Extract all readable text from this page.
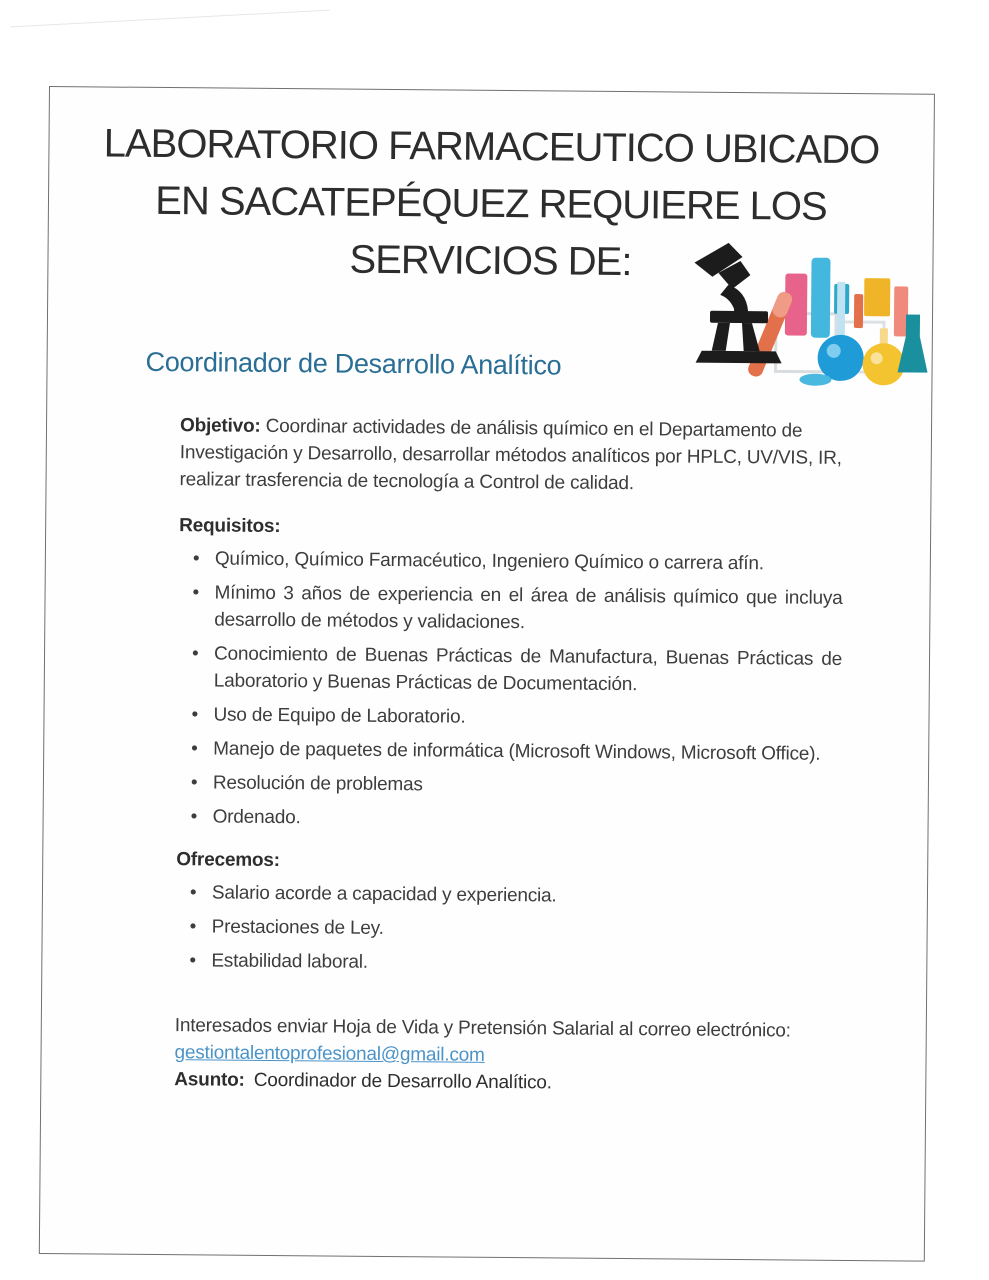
LABORATORIO FARMACEUTICO UBICADO
EN SACATEPÉQUEZ REQUIERE LOS
SERVICIOS DE:
Coordinador de Desarrollo Analítico

Objetivo: Coordinar actividades de análisis químico en el Departamento de Investigación y Desarrollo, desarrollar métodos analíticos por HPLC, UV/VIS, IR, realizar trasferencia de tecnología a Control de calidad.

Requisitos:
• Químico, Químico Farmacéutico, Ingeniero Químico o carrera afín.
• Mínimo 3 años de experiencia en el área de análisis químico que incluya desarrollo de métodos y validaciones.
• Conocimiento de Buenas Prácticas de Manufactura, Buenas Prácticas de Laboratorio y Buenas Prácticas de Documentación.
• Uso de Equipo de Laboratorio.
• Manejo de paquetes de informática (Microsoft Windows, Microsoft Office).
• Resolución de problemas
• Ordenado.
Ofrecemos:
• Salario acorde a capacidad y experiencia.
• Prestaciones de Ley.
• Estabilidad laboral.
Interesados enviar Hoja de Vida y Pretensión Salarial al correo electrónico:
gestiontalentoprofesional@gmail.com
Asunto: Coordinador de Desarrollo Analítico.
